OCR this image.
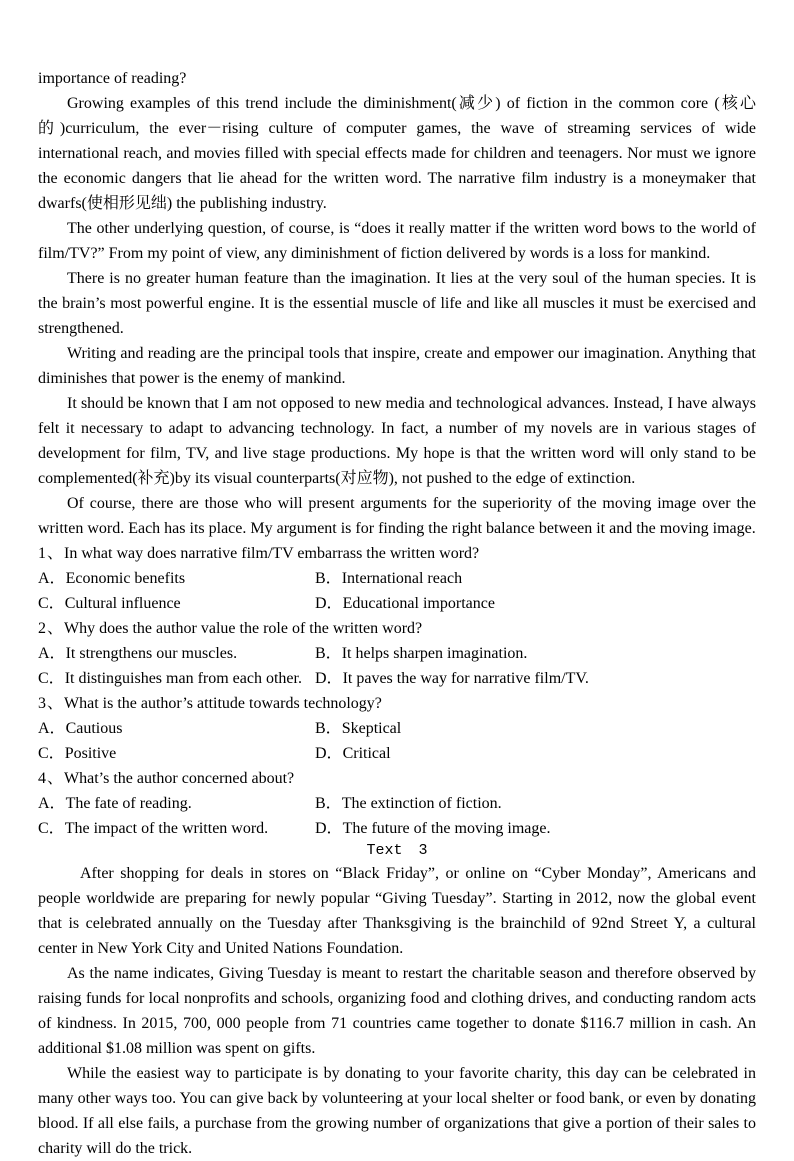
importance of reading?
Growing examples of this trend include the diminishment(减少) of fiction in the common core (核心的)curriculum, the ever－rising culture of computer games, the wave of streaming services of wide international reach, and movies filled with special effects made for children and teenagers. Nor must we ignore the economic dangers that lie ahead for the written word. The narrative film industry is a moneymaker that dwarfs(使相形见绌) the publishing industry.
The other underlying question, of course, is “does it really matter if the written word bows to the world of film/TV?” From my point of view, any diminishment of fiction delivered by words is a loss for mankind.
There is no greater human feature than the imagination. It lies at the very soul of the human species. It is the brain’s most powerful engine. It is the essential muscle of life and like all muscles it must be exercised and strengthened.
Writing and reading are the principal tools that inspire, create and empower our imagination. Anything that diminishes that power is the enemy of mankind.
It should be known that I am not opposed to new media and technological advances. Instead, I have always felt it necessary to adapt to advancing technology. In fact, a number of my novels are in various stages of development for film, TV, and live stage productions. My hope is that the written word will only stand to be complemented(补充)by its visual counterparts(对应物), not pushed to the edge of extinction.
Of course, there are those who will present arguments for the superiority of the moving image over the written word. Each has its place. My argument is for finding the right balance between it and the moving image.
1、In what way does narrative film/TV embarrass the written word?
A．Economic benefits	B．International reach
C．Cultural influence	D．Educational importance
2、Why does the author value the role of the written word?
A．It strengthens our muscles.	B．It helps sharpen imagination.
C．It distinguishes man from each other. D．It paves the way for narrative film/TV.
3、What is the author’s attitude towards technology?
A．Cautious	B．Skeptical
C．Positive	D．Critical
4、What’s the author concerned about?
A．The fate of reading.	B．The extinction of fiction.
C．The impact of the written word.	D．The future of the moving image.
Text 3
After shopping for deals in stores on “Black Friday”, or online on “Cyber Monday”, Americans and people worldwide are preparing for newly popular “Giving Tuesday”. Starting in 2012, now the global event that is celebrated annually on the Tuesday after Thanksgiving is the brainchild of 92nd Street Y, a cultural center in New York City and United Nations Foundation.
As the name indicates, Giving Tuesday is meant to restart the charitable season and therefore observed by raising funds for local nonprofits and schools, organizing food and clothing drives, and conducting random acts of kindness. In 2015, 700, 000 people from 71 countries came together to donate $116.7 million in cash. An additional $1.08 million was spent on gifts.
While the easiest way to participate is by donating to your favorite charity, this day can be celebrated in many other ways too. You can give back by volunteering at your local shelter or food bank, or even by donating blood. If all else fails, a purchase from the growing number of organizations that give a portion of their sales to charity will do the trick.
